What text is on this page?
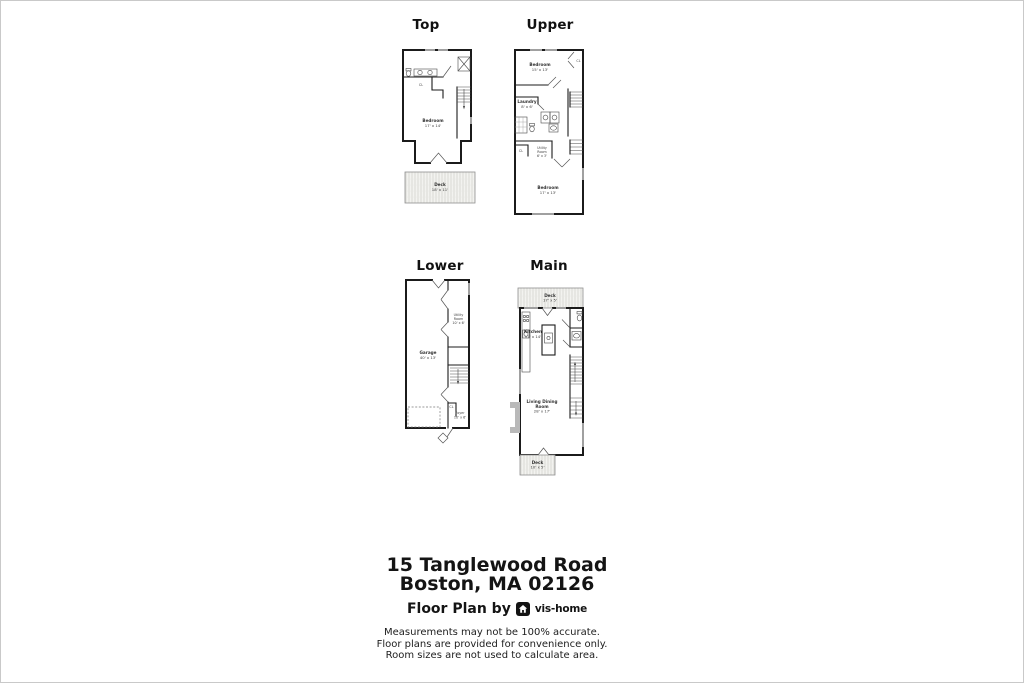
Top	Upper
Lower	Main
CL
Bedroom
17' x 14'
Deck
18' x 11'
CL
Laundry
8' x 6'
CL
Utility
Room
6' x 3'
Bedroom
17' x 13'
Bedroom
15' x 13'
Utility
Room
10' x 6'
Garage
40' x 13'
CL
Foyer
10' x 6'
Deck
17' x 5'
Kitchen
17' x 14'
Living Dining
Room
28' x 17'
Deck
10' x 5'
15 Tanglewood Road
Boston, MA 02126
Floor Plan by vis-home
Measurements may not be 100% accurate.
Floor plans are provided for convenience only.
Room sizes are not used to calculate area.
